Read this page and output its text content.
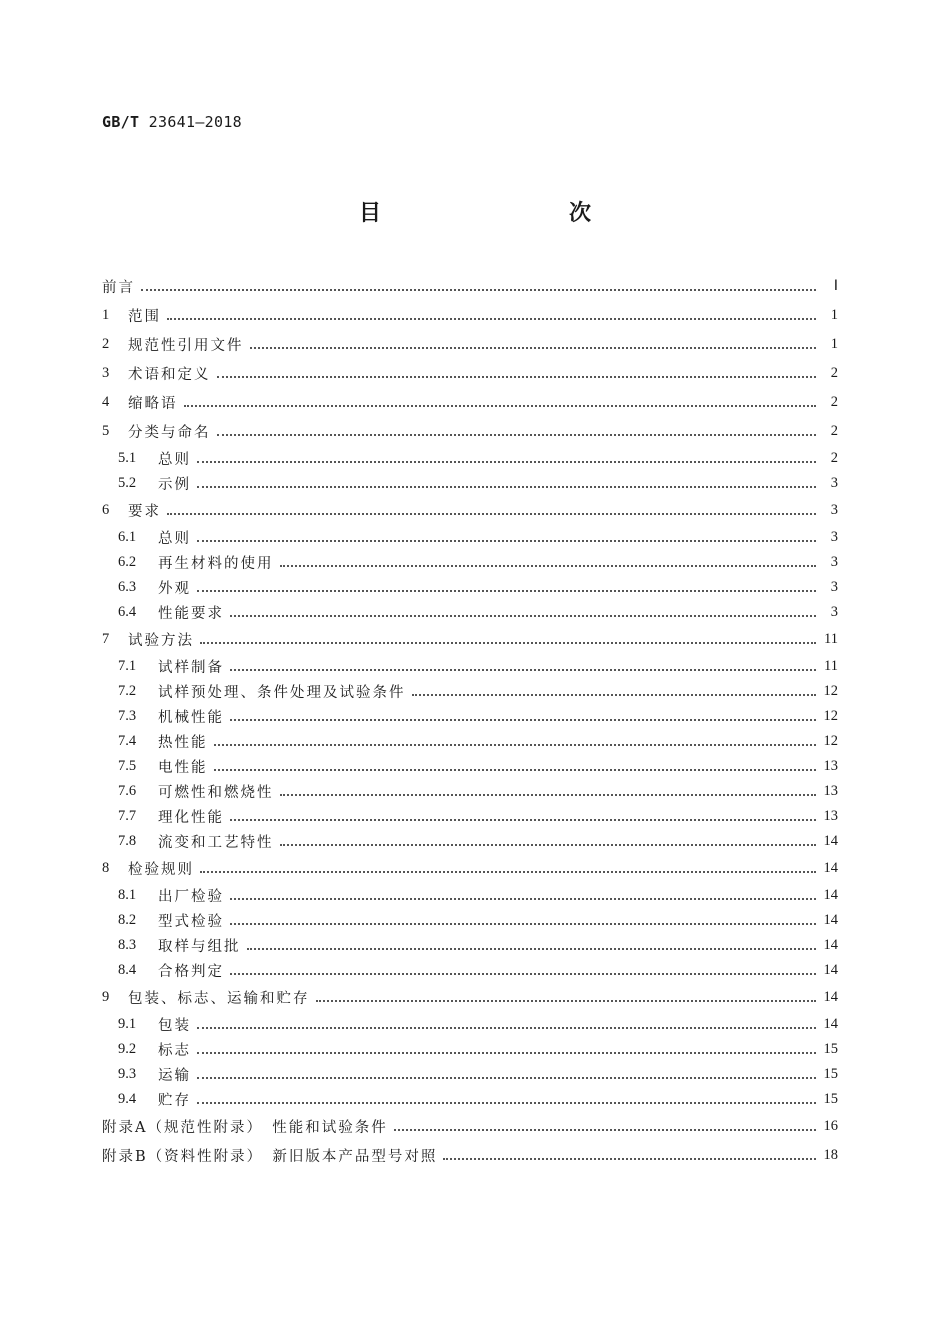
GB/T 23641—2018
目　　次
前言	Ⅰ
1	范围	1
2	规范性引用文件	1
3	术语和定义	2
4	缩略语	2
5	分类与命名	2
5.1	总则	2
5.2	示例	3
6	要求	3
6.1	总则	3
6.2	再生材料的使用	3
6.3	外观	3
6.4	性能要求	3
7	试验方法	11
7.1	试样制备	11
7.2	试样预处理、条件处理及试验条件	12
7.3	机械性能	12
7.4	热性能	12
7.5	电性能	13
7.6	可燃性和燃烧性	13
7.7	理化性能	13
7.8	流变和工艺特性	14
8	检验规则	14
8.1	出厂检验	14
8.2	型式检验	14
8.3	取样与组批	14
8.4	合格判定	14
9	包装、标志、运输和贮存	14
9.1	包装	14
9.2	标志	15
9.3	运输	15
9.4	贮存	15
附录A（规范性附录）　性能和试验条件	16
附录B（资料性附录）　新旧版本产品型号对照	18
